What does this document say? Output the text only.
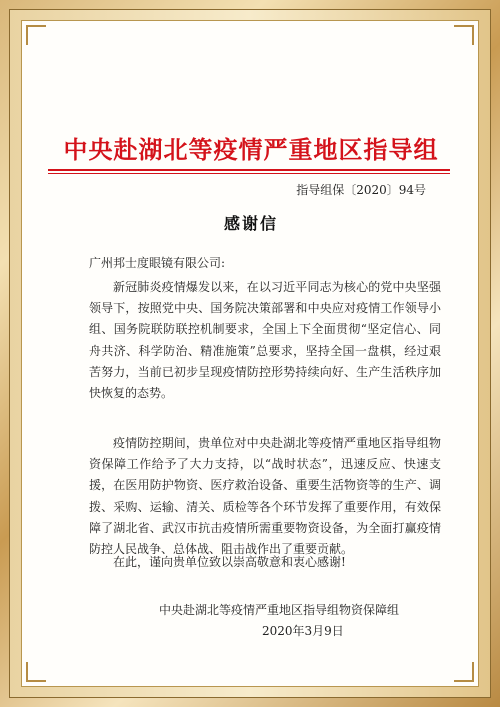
中央赴湖北等疫情严重地区指导组
指导组保〔2020〕94号
感谢信
广州邦士度眼镜有限公司:

新冠肺炎疫情爆发以来，在以习近平同志为核心的党中央坚强领导下，按照党中央、国务院决策部署和中央应对疫情工作领导小组、国务院联防联控机制要求，全国上下全面贯彻“坚定信心、同舟共济、科学防治、精准施策”总要求，坚持全国一盘棋，经过艰苦努力，当前已初步呈现疫情防控形势持续向好、生产生活秩序加快恢复的态势。

疫情防控期间，贵单位对中央赴湖北等疫情严重地区指导组物资保障工作给予了大力支持，以“战时状态”，迅速反应、快速支援，在医用防护物资、医疗救治设备、重要生活物资等的生产、调拨、采购、运输、清关、质检等各个环节发挥了重要作用，有效保障了湖北省、武汉市抗击疫情所需重要物资设备，为全面打赢疫情防控人民战争、总体战、阻击战作出了重要贡献。

在此，谨向贵单位致以崇高敬意和衷心感谢!

中央赴湖北等疫情严重地区指导组物资保障组
2020年3月9日
